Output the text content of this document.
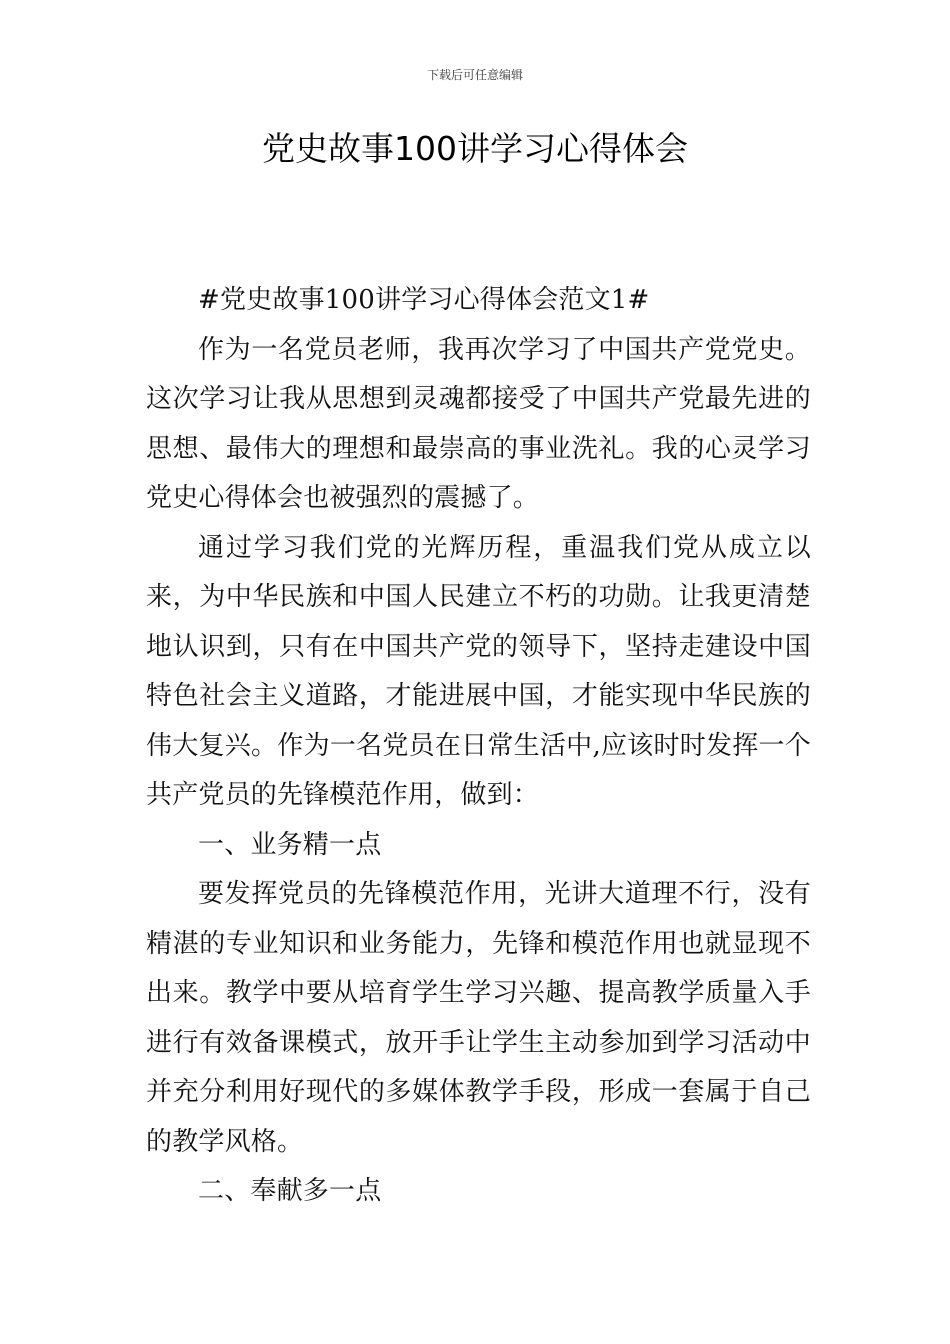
下载后可任意编辑
党史故事100讲学习心得体会

#党史故事100讲学习心得体会范文1#

作为一名党员老师，我再次学习了中国共产党党史。这次学习让我从思想到灵魂都接受了中国共产党最先进的思想、最伟大的理想和最崇高的事业洗礼。我的心灵学习党史心得体会也被强烈的震撼了。

通过学习我们党的光辉历程，重温我们党从成立以来，为中华民族和中国人民建立不朽的功勋。让我更清楚地认识到，只有在中国共产党的领导下，坚持走建设中国特色社会主义道路，才能进展中国，才能实现中华民族的伟大复兴。作为一名党员在日常生活中,应该时时发挥一个共产党员的先锋模范作用，做到：

一、业务精一点

要发挥党员的先锋模范作用，光讲大道理不行，没有精湛的专业知识和业务能力，先锋和模范作用也就显现不出来。教学中要从培育学生学习兴趣、提高教学质量入手进行有效备课模式，放开手让学生主动参加到学习活动中并充分利用好现代的多媒体教学手段，形成一套属于自己的教学风格。

二、奉献多一点
